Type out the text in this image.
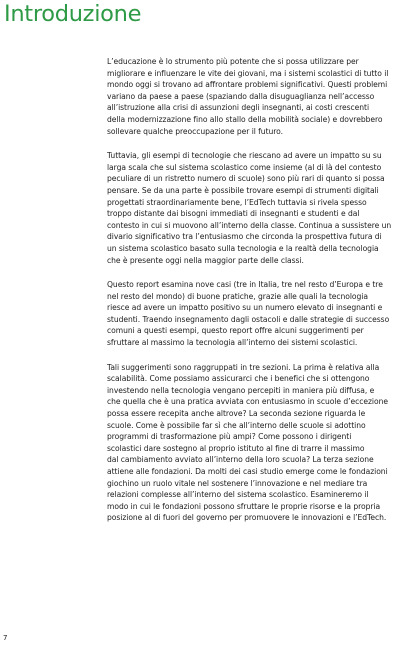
Introduzione

L’educazione è lo strumento più potente che si possa utilizzare per
migliorare e influenzare le vite dei giovani, ma i sistemi scolastici di tutto il
mondo oggi si trovano ad affrontare problemi significativi. Questi problemi
variano da paese a paese (spaziando dalla disuguaglianza nell’accesso
all’istruzione alla crisi di assunzioni degli insegnanti, ai costi crescenti
della modernizzazione fino allo stallo della mobilità sociale) e dovrebbero
sollevare qualche preoccupazione per il futuro.

Tuttavia, gli esempi di tecnologie che riescano ad avere un impatto su su
larga scala che sul sistema scolastico come insieme (al di là del contesto
peculiare di un ristretto numero di scuole) sono più rari di quanto si possa
pensare. Se da una parte è possibile trovare esempi di strumenti digitali
progettati straordinariamente bene, l’EdTech tuttavia si rivela spesso
troppo distante dai bisogni immediati di insegnanti e studenti e dal
contesto in cui si muovono all’interno della classe. Continua a sussistere un
divario significativo tra l’entusiasmo che circonda la prospettiva futura di
un sistema scolastico basato sulla tecnologia e la realtà della tecnologia
che è presente oggi nella maggior parte delle classi.

Questo report esamina nove casi (tre in Italia, tre nel resto d’Europa e tre
nel resto del mondo) di buone pratiche, grazie alle quali la tecnologia
riesce ad avere un impatto positivo su un numero elevato di insegnanti e
studenti. Traendo insegnamento dagli ostacoli e dalle strategie di successo
comuni a questi esempi, questo report offre alcuni suggerimenti per
sfruttare al massimo la tecnologia all’interno dei sistemi scolastici.

Tali suggerimenti sono raggruppati in tre sezioni. La prima è relativa alla
scalabilità. Come possiamo assicurarci che i benefici che si ottengono
investendo nella tecnologia vengano percepiti in maniera più diffusa, e
che quella che è una pratica avviata con entusiasmo in scuole d’eccezione
possa essere recepita anche altrove? La seconda sezione riguarda le
scuole. Come è possibile far sì che all’interno delle scuole si adottino
programmi di trasformazione più ampi? Come possono i dirigenti
scolastici dare sostegno al proprio istituto al fine di trarre il massimo
dal cambiamento avviato all’interno della loro scuola? La terza sezione
attiene alle fondazioni. Da molti dei casi studio emerge come le fondazioni
giochino un ruolo vitale nel sostenere l’innovazione e nel mediare tra
relazioni complesse all’interno del sistema scolastico. Esamineremo il
modo in cui le fondazioni possono sfruttare le proprie risorse e la propria
posizione al di fuori del governo per promuovere le innovazioni e l’EdTech.

7
